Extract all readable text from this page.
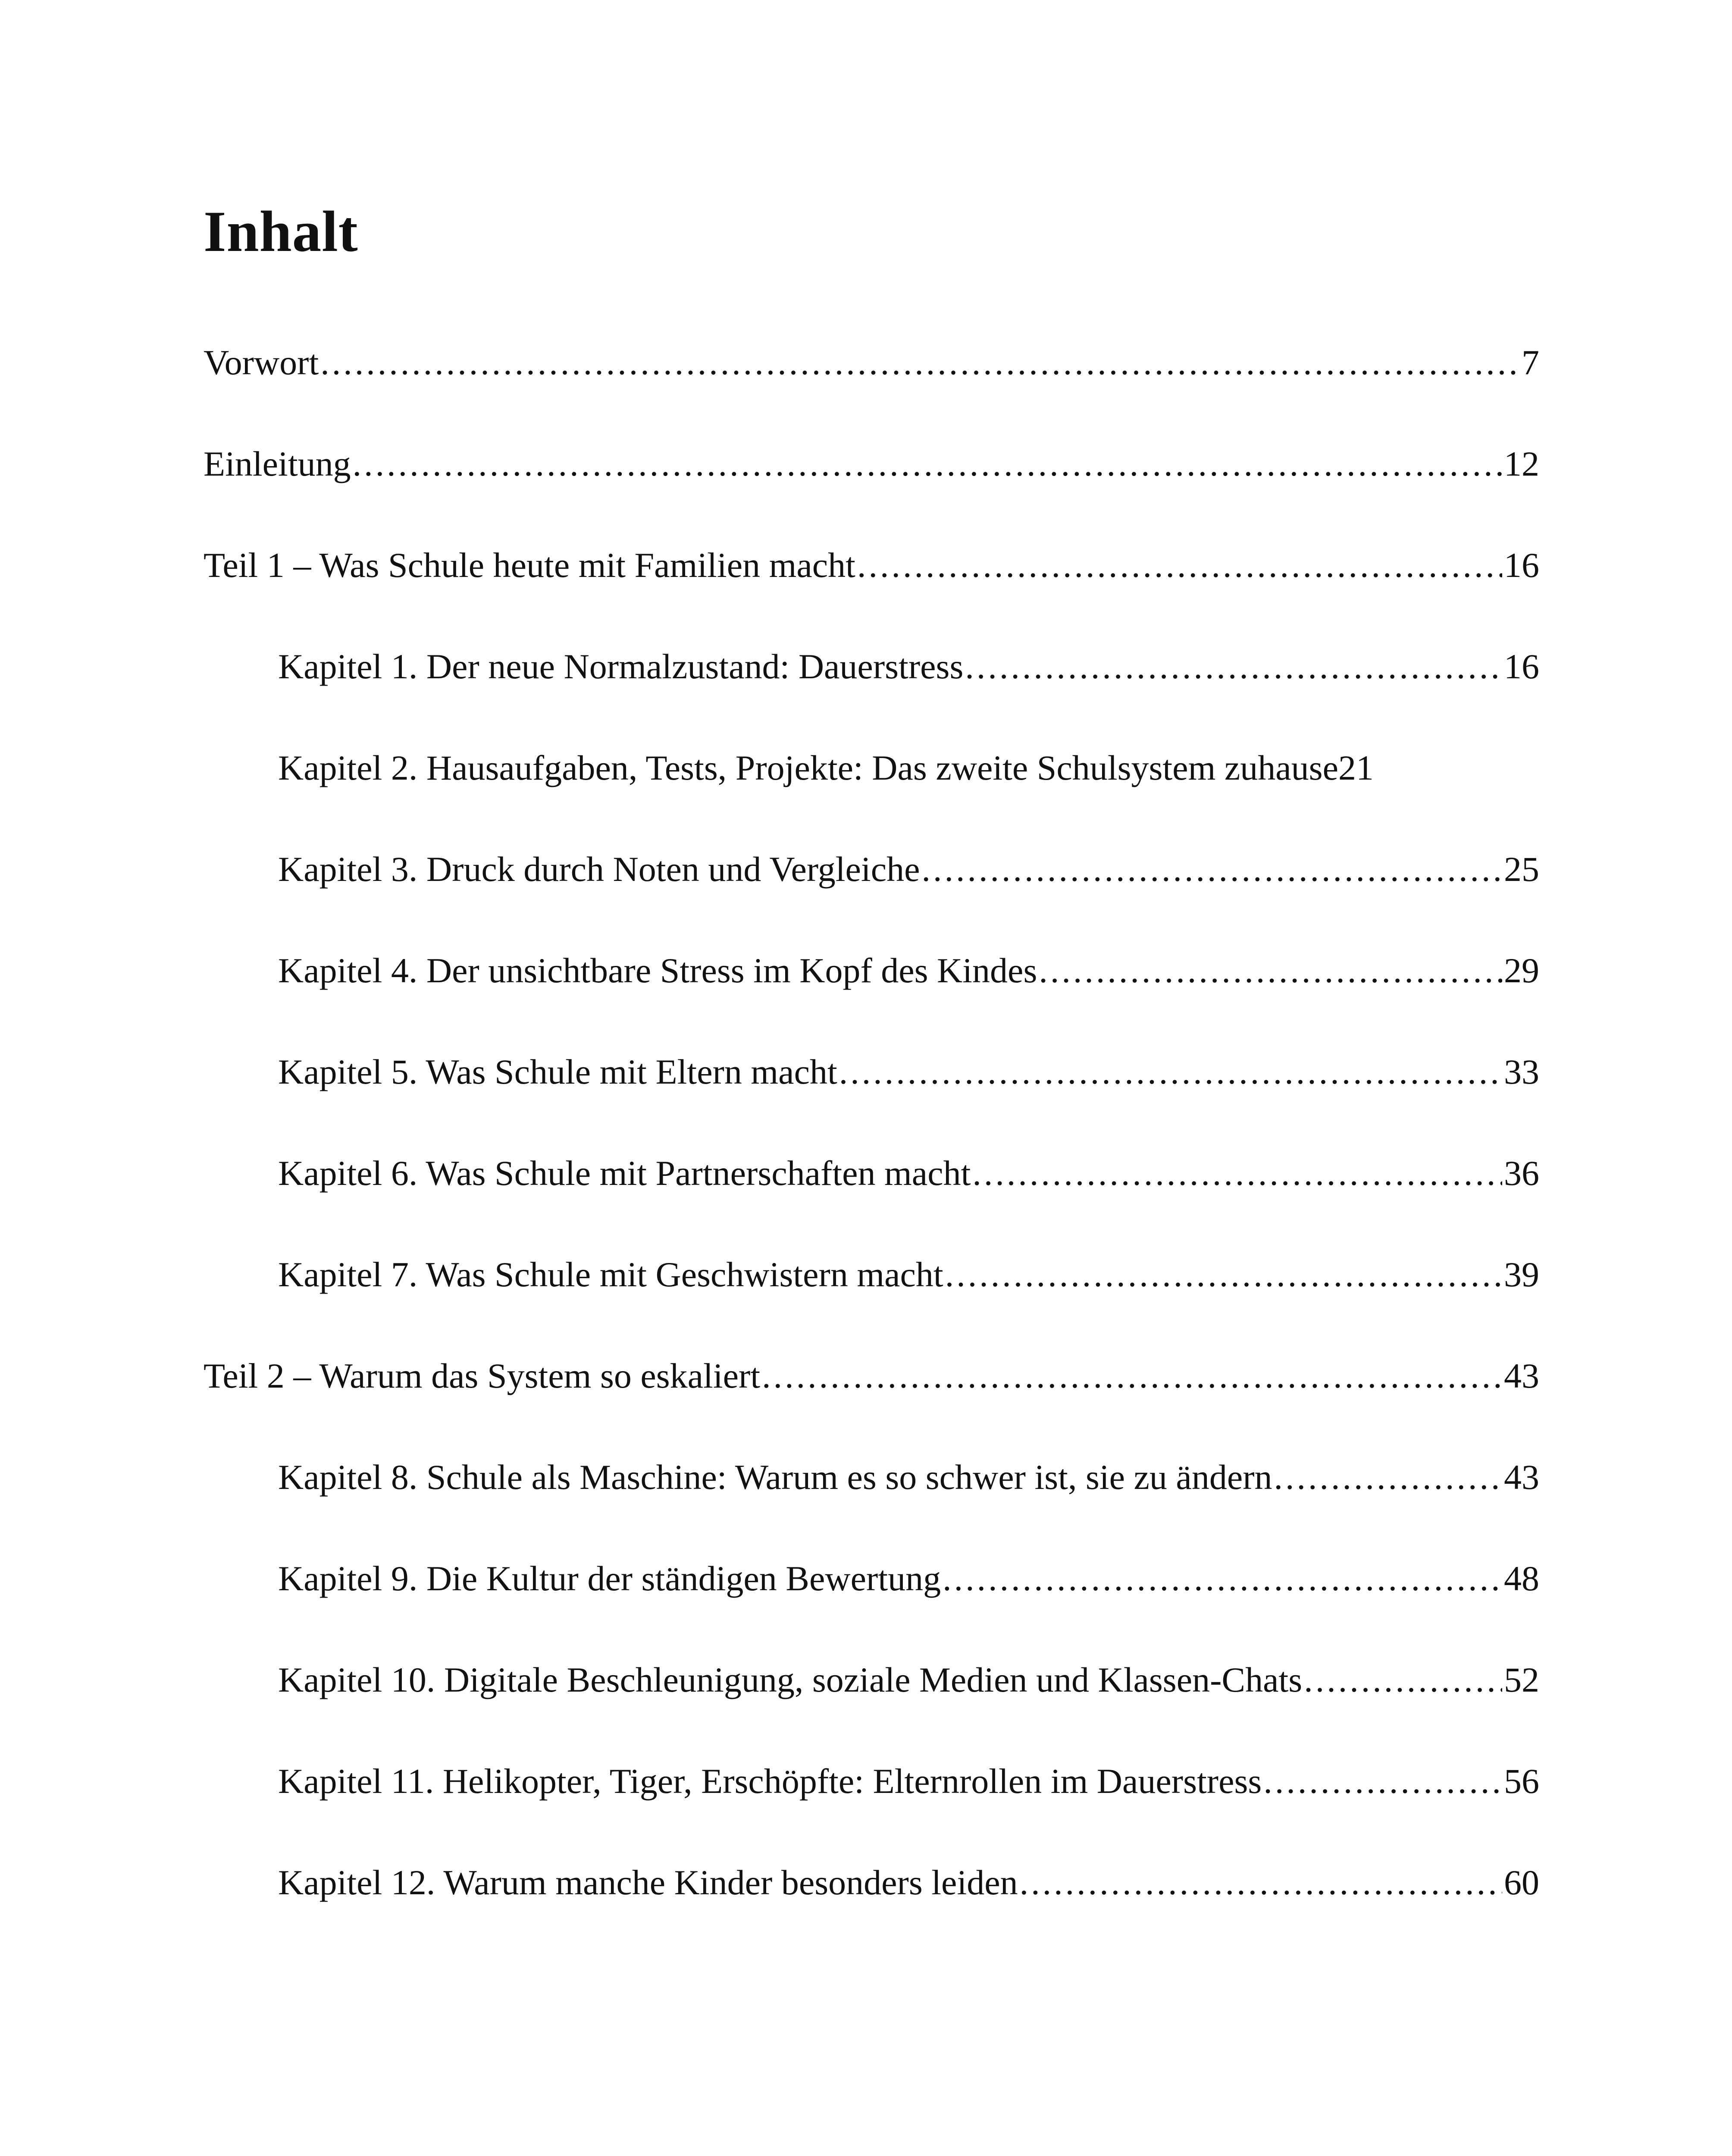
Inhalt
Vorwort .....	7
Einleitung .....	12
Teil 1 – Was Schule heute mit Familien macht .....	16
Kapitel 1. Der neue Normalzustand: Dauerstress .....	16
Kapitel 2. Hausaufgaben, Tests, Projekte: Das zweite Schulsystem zuhause 21
Kapitel 3. Druck durch Noten und Vergleiche .....	25
Kapitel 4. Der unsichtbare Stress im Kopf des Kindes .....	29
Kapitel 5. Was Schule mit Eltern macht .....	33
Kapitel 6. Was Schule mit Partnerschaften macht .....	36
Kapitel 7. Was Schule mit Geschwistern macht .....	39
Teil 2 – Warum das System so eskaliert .....	43
Kapitel 8. Schule als Maschine: Warum es so schwer ist, sie zu ändern .....	43
Kapitel 9. Die Kultur der ständigen Bewertung .....	48
Kapitel 10. Digitale Beschleunigung, soziale Medien und Klassen-Chats .....	52
Kapitel 11. Helikopter, Tiger, Erschöpfte: Elternrollen im Dauerstress .....	56
Kapitel 12. Warum manche Kinder besonders leiden .....	60
